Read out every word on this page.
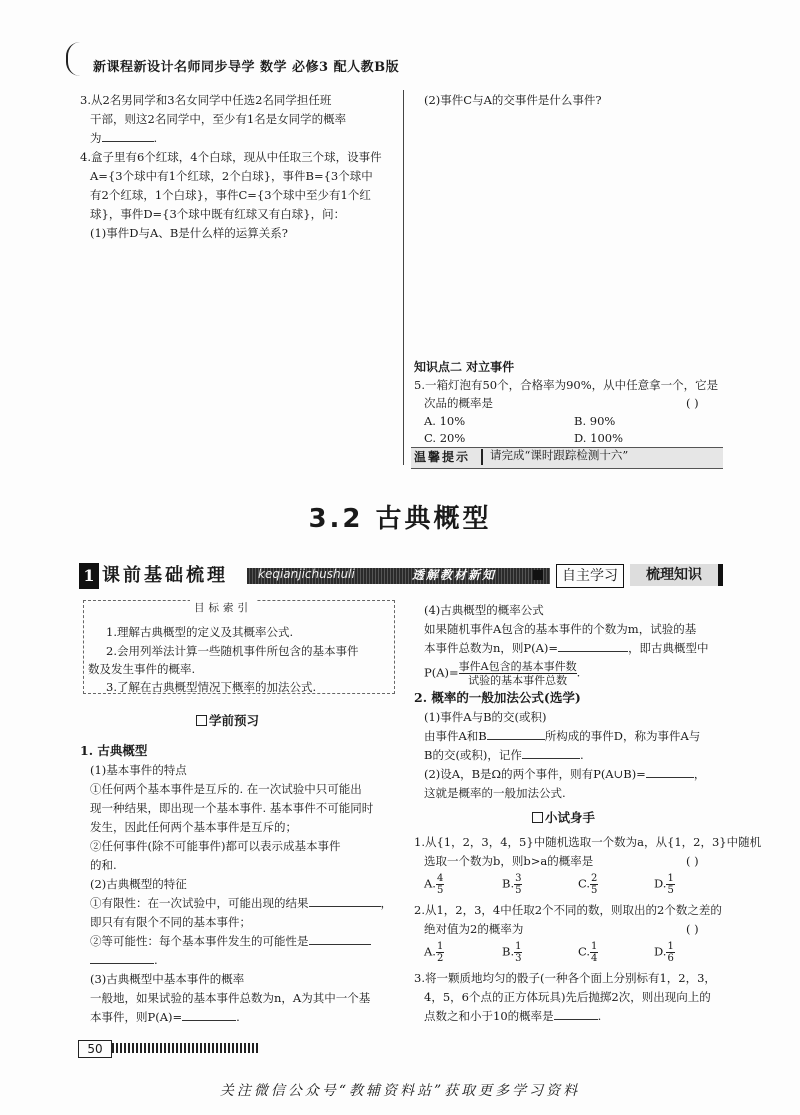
新课程新设计名师同步导学 数学 必修3 配人教B版
3.从2名男同学和3名女同学中任选2名同学担任班
干部，则这2名同学中，至少有1名是女同学的概率
为	.
4.盒子里有6个红球，4个白球，现从中任取三个球，设事件
A={3个球中有1个红球，2个白球}，事件B={3个球中
有2个红球，1个白球}，事件C={3个球中至少有1个红
球}，事件D={3个球中既有红球又有白球}，问：
(1)事件D与A、B是什么样的运算关系?
(2)事件C与A的交事件是什么事件?
知识点二 对立事件
5.一箱灯泡有50个，合格率为90%，从中任意拿一个，它是
次品的概率是	( )
A. 10%	B. 90%
C. 20%	D. 100%
温馨提示 请完成“课时跟踪检测十六”
3.2 古典概型
1 课前基础梳理	keqianjichushuli	透解教材新知	自主学习	梳理知识
目标索引
1.理解古典概型的定义及其概率公式.
2.会用列举法计算一些随机事件所包含的基本事件
数及发生事件的概率.
3.了解在古典概型情况下概率的加法公式.
学前预习
1. 古典概型
(1)基本事件的特点
①任何两个基本事件是互斥的. 在一次试验中只可能出
现一种结果，即出现一个基本事件. 基本事件不可能同时
发生，因此任何两个基本事件是互斥的；
②任何事件(除不可能事件)都可以表示成基本事件
的和.
(2)古典概型的特征
①有限性：在一次试验中，可能出现的结果	，
即只有有限个不同的基本事件；
②等可能性：每个基本事件发生的可能性是
.
(3)古典概型中基本事件的概率
一般地，如果试验的基本事件总数为n，A为其中一个基
本事件，则P(A)=	.
(4)古典概型的概率公式
如果随机事件A包含的基本事件的个数为m，试验的基
本事件总数为n，则P(A)=	，即古典概型中
$P(A)= \frac{\text{事件A包含的基本事件数}}{\text{试验的基本事件总数}}$ .
2. 概率的一般加法公式(选学)
(1)事件A与B的交(或积)
由事件A和B	所构成的事件D，称为事件A与
B的交(或积)，记作	.
(2)设A，B是Ω的两个事件，则有P(A∪B)=	，
这就是概率的一般加法公式.
小试身手
1.从{1，2，3，4，5}中随机选取一个数为a，从{1，2，3}中随机
选取一个数为b，则b>a的概率是	( )
A. $\frac{4}{5}$	B. $\frac{3}{5}$	C. $\frac{2}{5}$	D. $\frac{1}{5}$
2.从1，2，3，4中任取2个不同的数，则取出的2个数之差的
绝对值为2的概率为	( )
A. $\frac{1}{2}$	B. $\frac{1}{3}$	C. $\frac{1}{4}$	D. $\frac{1}{6}$
3.将一颗质地均匀的骰子(一种各个面上分别标有1，2，3，
4，5，6个点的正方体玩具)先后抛掷2次，则出现向上的
点数之和小于10的概率是	.
50
关注微信公众号“教辅资料站”获取更多学习资料
